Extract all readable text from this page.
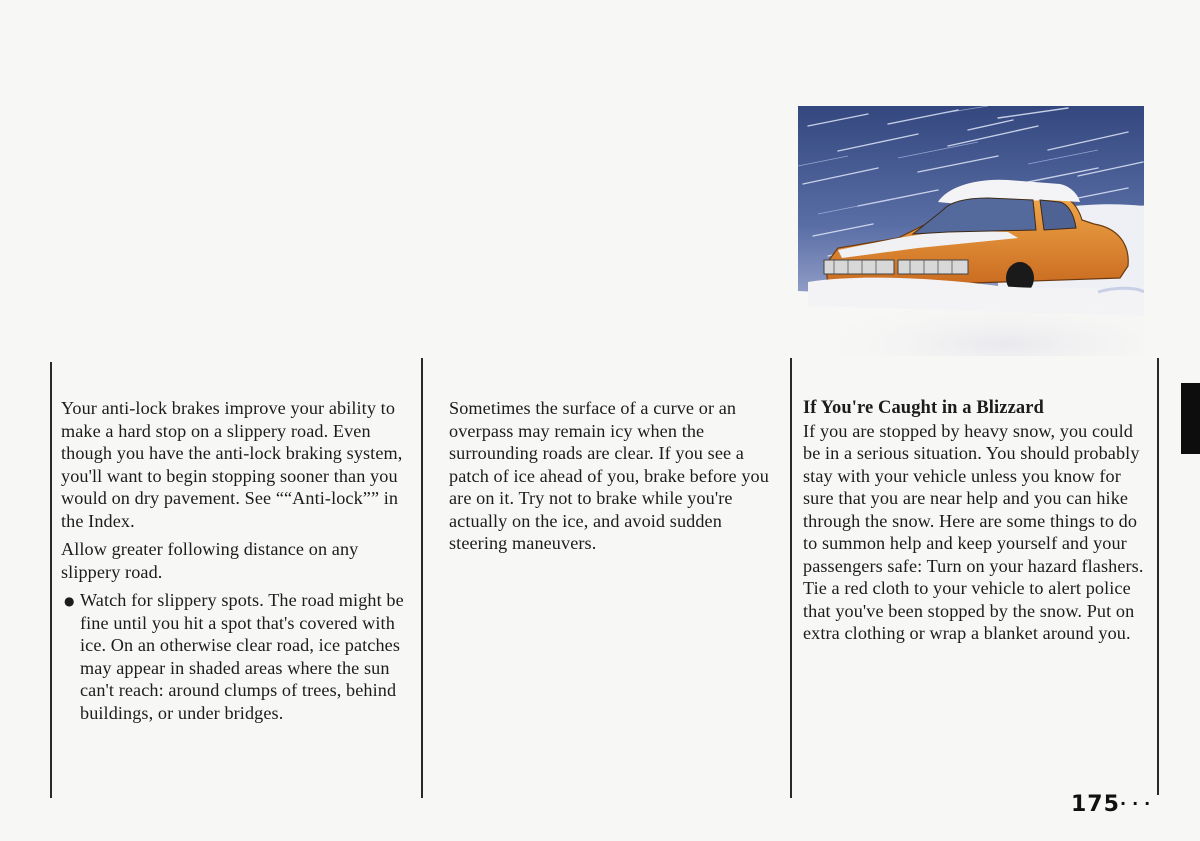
Your anti-lock brakes improve your ability to make a hard stop on a slippery road. Even though you have the anti-lock braking system, you'll want to begin stopping sooner than you would on dry pavement. See ““Anti-lock”” in the Index.

Allow greater following distance on any slippery road.

● Watch for slippery spots. The road might be fine until you hit a spot that's covered with ice. On an otherwise clear road, ice patches may appear in shaded areas where the sun can't reach: around clumps of trees, behind buildings, or under bridges.

Sometimes the surface of a curve or an overpass may remain icy when the surrounding roads are clear. If you see a patch of ice ahead of you, brake before you are on it. Try not to brake while you're actually on the ice, and avoid sudden steering maneuvers.

If You're Caught in a Blizzard

If you are stopped by heavy snow, you could be in a serious situation. You should probably stay with your vehicle unless you know for sure that you are near help and you can hike through the snow. Here are some things to do to summon help and keep yourself and your passengers safe: Turn on your hazard flashers. Tie a red cloth to your vehicle to alert police that you've been stopped by the snow. Put on extra clothing or wrap a blanket around you.

175 ···
